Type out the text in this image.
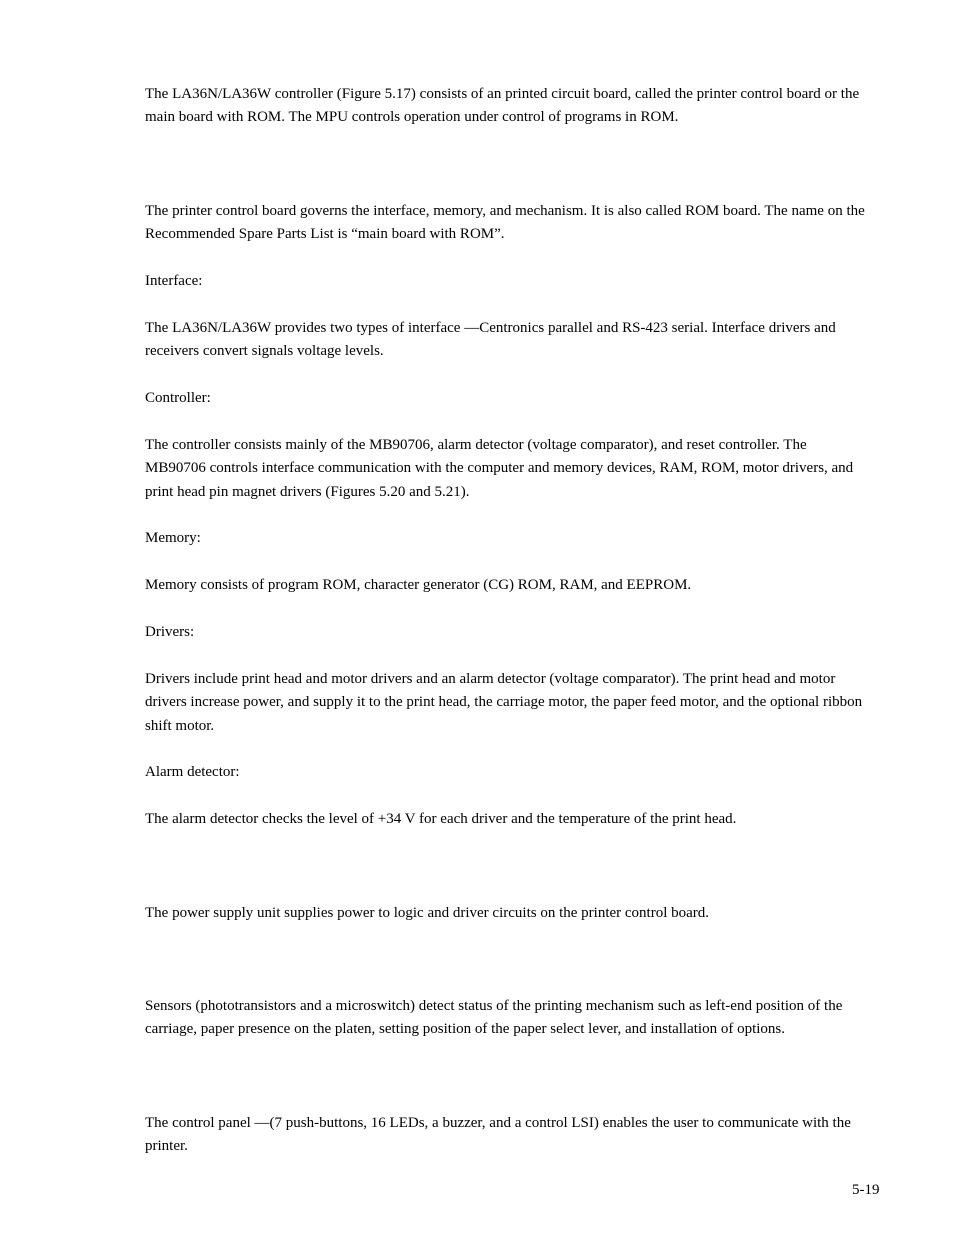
The LA36N/LA36W controller (Figure 5.17) consists of an printed circuit board, called the printer control board or the main board with ROM. The MPU controls operation under control of programs in ROM.

The printer control board governs the interface, memory, and mechanism. It is also called ROM board. The name on the Recommended Spare Parts List is “main board with ROM”.

Interface:

The LA36N/LA36W provides two types of interface —Centronics parallel and RS-423 serial. Interface drivers and receivers convert signals voltage levels.

Controller:

The controller consists mainly of the MB90706, alarm detector (voltage comparator), and reset controller. The MB90706 controls interface communication with the computer and memory devices, RAM, ROM, motor drivers, and print head pin magnet drivers (Figures 5.20 and 5.21).

Memory:

Memory consists of program ROM, character generator (CG) ROM, RAM, and EEPROM.

Drivers:

Drivers include print head and motor drivers and an alarm detector (voltage comparator). The print head and motor drivers increase power, and supply it to the print head, the carriage motor, the paper feed motor, and the optional ribbon shift motor.

Alarm detector:

The alarm detector checks the level of +34 V for each driver and the temperature of the print head.

The power supply unit supplies power to logic and driver circuits on the printer control board.

Sensors (phototransistors and a microswitch) detect status of the printing mechanism such as left-end position of the carriage, paper presence on the platen, setting position of the paper select lever, and installation of options.

The control panel —(7 push-buttons, 16 LEDs, a buzzer, and a control LSI) enables the user to communicate with the printer.

5-19
